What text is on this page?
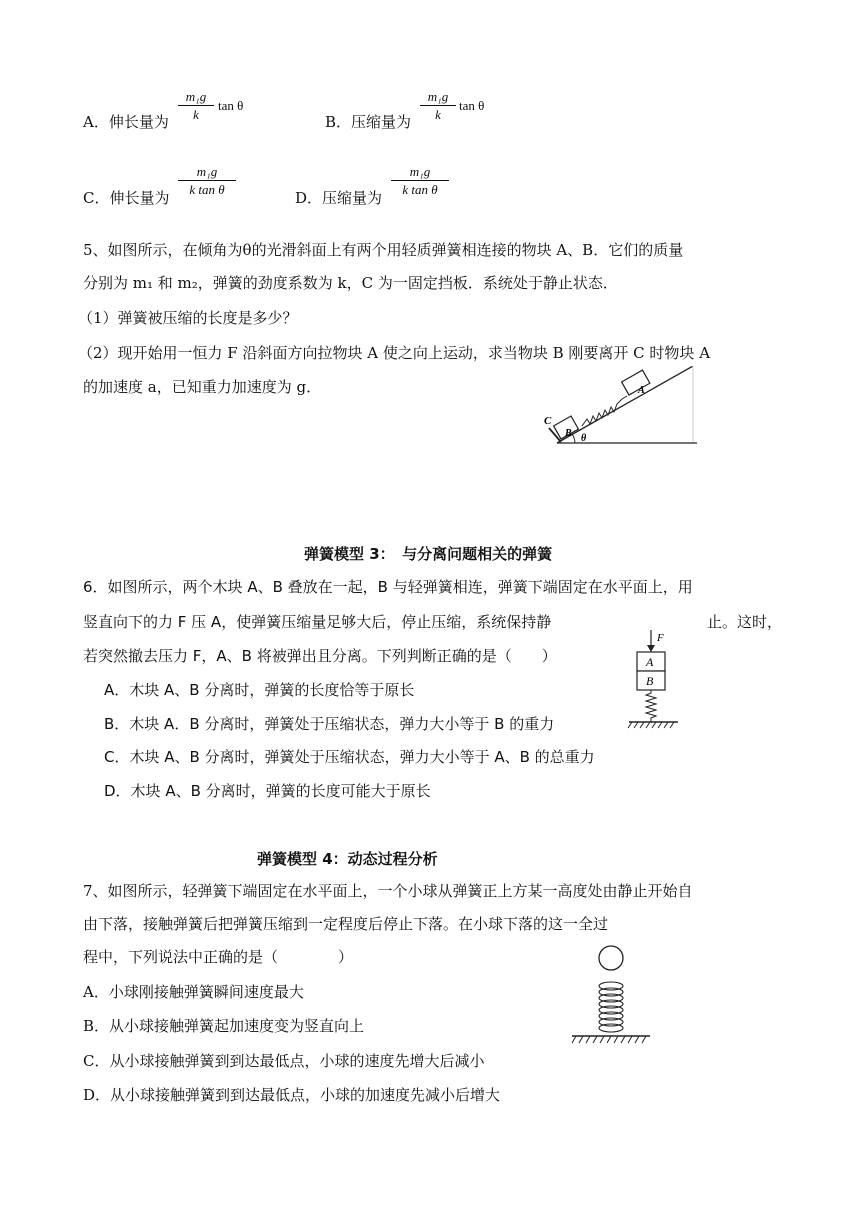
A．伸长量为 $\frac{\text{m₁g}}{k}$ tan θ
B．压缩量为 $\frac{\text{m₁g}}{k}$ tan θ
C．伸长量为 $\frac{\text{m₁g}}{\text{k tan θ}}$	D．压缩量为 $\frac{\text{m₁g}}{\text{k tan θ}}$
5、如图所示，在倾角为θ的光滑斜面上有两个用轻质弹簧相连接的物块 A、B．它们的质量
分别为 m₁ 和 m₂，弹簧的劲度系数为 k，C 为一固定挡板．系统处于静止状态．
（1）弹簧被压缩的长度是多少？
（2）现开始用一恒力 F 沿斜面方向拉物块 A 使之向上运动，求当物块 B 刚要离开 C 时物块 A
的加速度 a，已知重力加速度为 g．
C
B
A
θ
弹簧模型 3：　与分离问题相关的弹簧
6．如图所示，两个木块 A、B 叠放在一起，B 与轻弹簧相连，弹簧下端固定在水平面上，用
竖直向下的力 F 压 A，使弹簧压缩量足够大后，停止压缩，系统保持静	止。这时，
若突然撤去压力 F，A、B 将被弹出且分离。下列判断正确的是（　　）
A．木块 A、B 分离时，弹簧的长度恰等于原长
B．木块 A．B 分离时，弹簧处于压缩状态，弹力大小等于 B 的重力
C．木块 A、B 分离时，弹簧处于压缩状态，弹力大小等于 A、B 的总重力
D．木块 A、B 分离时，弹簧的长度可能大于原长
F
A
B
弹簧模型 4：动态过程分析
7、如图所示，轻弹簧下端固定在水平面上，一个小球从弹簧正上方某一高度处由静止开始自
由下落，接触弹簧后把弹簧压缩到一定程度后停止下落。在小球下落的这一全过
程中，下列说法中正确的是（　　　　）
A．小球刚接触弹簧瞬间速度最大
B．从小球接触弹簧起加速度变为竖直向上
C．从小球接触弹簧到到达最低点，小球的速度先增大后减小
D．从小球接触弹簧到到达最低点，小球的加速度先减小后增大
